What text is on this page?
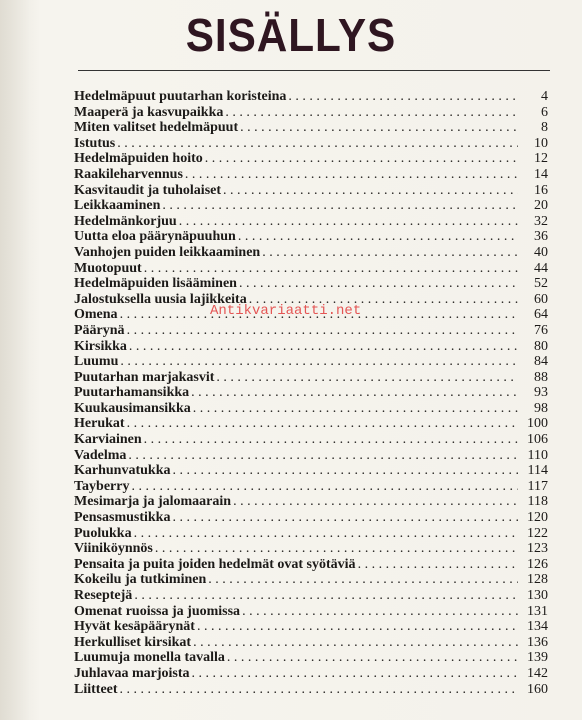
SISÄLLYS
Hedelmäpuut puutarhan koristeina . . .	4
Maaperä ja kasvupaikka . . .	6
Miten valitset hedelmäpuut . . .	8
Istutus . . .	10
Hedelmäpuiden hoito . . .	12
Raakileharvennus . . .	14
Kasvitaudit ja tuholaiset . . .	16
Leikkaaminen . . .	20
Hedelmänkorjuu . . .	32
Uutta eloa päärynäpuuhun . . .	36
Vanhojen puiden leikkaaminen . . .	40
Muotopuut . . .	44
Hedelmäpuiden lisääminen . . .	52
Jalostuksella uusia lajikkeita . . .	60
Omena . . .	64
Päärynä . . .	76
Kirsikka . . .	80
Luumu . . .	84
Puutarhan marjakasvit . . .	88
Puutarhamansikka . . .	93
Kuukausimansikka . . .	98
Herukat . . .	100
Karviainen . . .	106
Vadelma . . .	110
Karhunvatukka . . .	114
Tayberry . . .	117
Mesimarja ja jalomaarain . . .	118
Pensasmustikka . . .	120
Puolukka . . .	122
Viiniköynnös . . .	123
Pensaita ja puita joiden hedelmät ovat syötäviä . . .	126
Kokeilu ja tutkiminen . . .	128
Reseptejä . . .	130
Omenat ruoissa ja juomissa . . .	131
Hyvät kesäpäärynät . . .	134
Herkulliset kirsikat . . .	136
Luumuja monella tavalla . . .	139
Juhlavaa marjoista . . .	142
Liitteet . . .	160
Antikvariaatti.net
